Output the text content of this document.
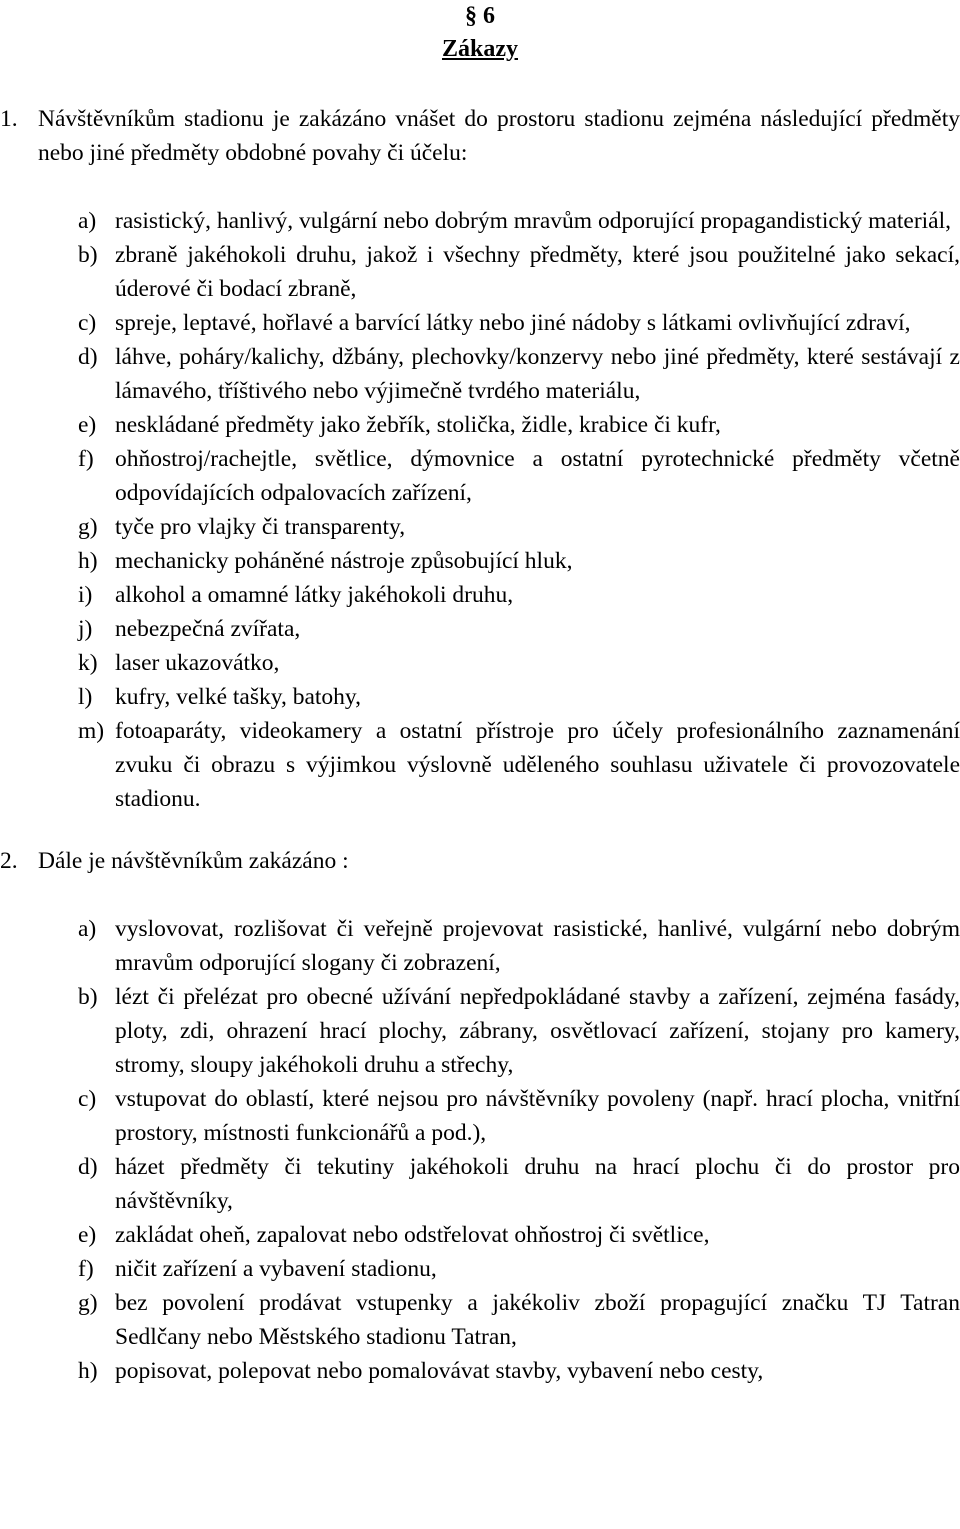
§ 6
Zákazy
1. Návštěvníkům stadionu je zakázáno vnášet do prostoru stadionu zejména následující předměty nebo jiné předměty obdobné povahy či účelu:
a) rasistický, hanlivý, vulgární nebo dobrým mravům odporující propagandistický materiál,
b) zbraně jakéhokoli druhu, jakož i všechny předměty, které jsou použitelné jako sekací, úderové či bodací zbraně,
c) spreje, leptavé, hořlavé a barvící látky nebo jiné nádoby s látkami ovlivňující zdraví,
d) láhve, poháry/kalichy, džbány, plechovky/konzervy nebo jiné předměty, které sestávají z lámavého, tříštivého nebo výjimečně tvrdého materiálu,
e) neskládané předměty jako žebřík, stolička, židle, krabice či kufr,
f) ohňostroj/rachejtle, světlice, dýmovnice a ostatní pyrotechnické předměty včetně odpovídajících odpalovacích zařízení,
g) tyče pro vlajky či transparenty,
h) mechanicky poháněné nástroje způsobující hluk,
i) alkohol a omamné látky jakéhokoli druhu,
j) nebezpečná zvířata,
k) laser ukazovátko,
l) kufry, velké tašky, batohy,
m) fotoaparáty, videokamery a ostatní přístroje pro účely profesionálního zaznamenání zvuku či obrazu s výjimkou výslovně uděleného souhlasu uživatele či provozovatele stadionu.
2. Dále je návštěvníkům zakázáno :
a) vyslovovat, rozlišovat či veřejně projevovat rasistické, hanlivé, vulgární nebo dobrým mravům odporující slogany či zobrazení,
b) lézt či přelézat pro obecné užívání nepředpokládané stavby a zařízení, zejména fasády, ploty, zdi, ohrazení hrací plochy, zábrany, osvětlovací zařízení, stojany pro kamery, stromy, sloupy jakéhokoli druhu a střechy,
c) vstupovat do oblastí, které nejsou pro návštěvníky povoleny (např. hrací plocha, vnitřní prostory, místnosti funkcionářů a pod.),
d) házet předměty či tekutiny jakéhokoli druhu na hrací plochu či do prostor pro návštěvníky,
e) zakládat oheň, zapalovat nebo odstřelovat ohňostroj či světlice,
f) ničit zařízení a vybavení stadionu,
g) bez povolení prodávat vstupenky a jakékoliv zboží propagující značku TJ Tatran Sedlčany nebo Městského stadionu Tatran,
h) popisovat, polepovat nebo pomalovávat stavby, vybavení nebo cesty,
